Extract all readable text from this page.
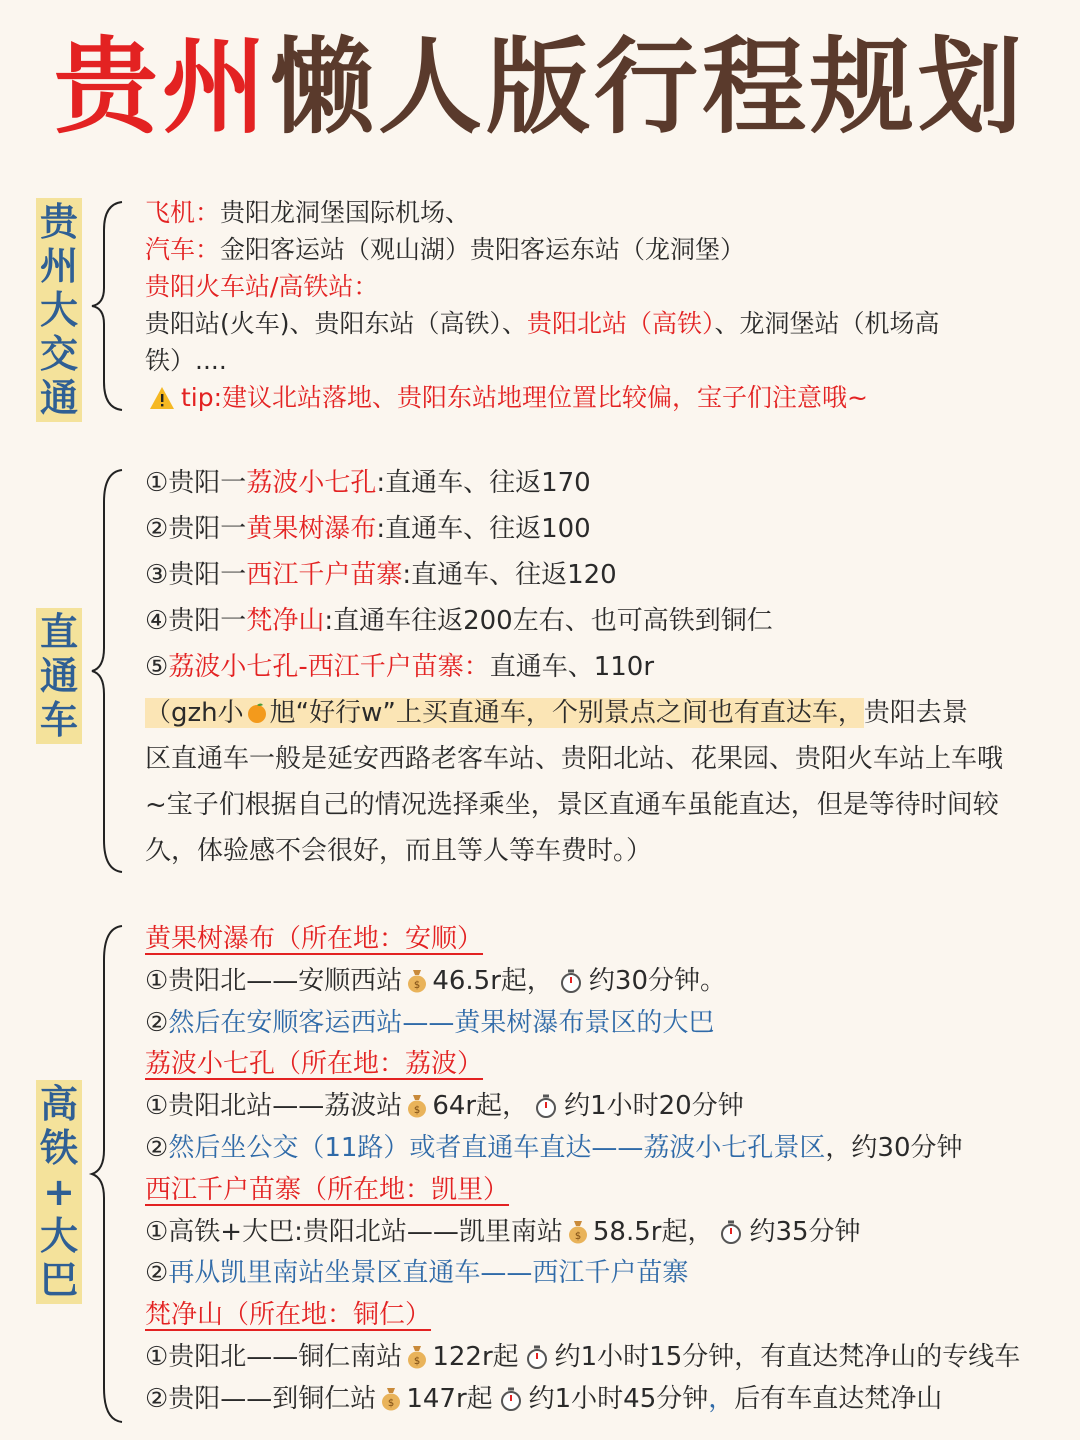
贵州懒人版行程规划
贵
州
大
交
通
飞机：贵阳龙洞堡国际机场、
汽车：金阳客运站（观山湖）贵阳客运东站（龙洞堡）
贵阳火车站/高铁站：
贵阳站(火车)、贵阳东站（高铁）、贵阳北站（高铁）、龙洞堡站（机场高
铁）....
tip:建议北站落地、贵阳东站地理位置比较偏，宝子们注意哦~
直
通
车
①贵阳一荔波小七孔:直通车、往返170
②贵阳一黄果树瀑布:直通车、往返100
③贵阳一西江千户苗寨:直通车、往返120
④贵阳一梵净山:直通车往返200左右、也可高铁到铜仁
⑤荔波小七孔-西江千户苗寨：直通车、110r
（gzh小 旭“好行w”上买直通车，个别景点之间也有直达车，贵阳去景
区直通车一般是延安西路老客车站、贵阳北站、花果园、贵阳火车站上车哦
~宝子们根据自己的情况选择乘坐，景区直通车虽能直达，但是等待时间较
久，体验感不会很好，而且等人等车费时。）
高
铁
+
大
巴
黄果树瀑布（所在地：安顺）
①贵阳北——安顺西站 46.5r起， 约30分钟。
②然后在安顺客运西站——黄果树瀑布景区的大巴
荔波小七孔（所在地：荔波）
①贵阳北站——荔波站 64r起， 约1小时20分钟
②然后坐公交（11路）或者直通车直达——荔波小七孔景区，约30分钟
西江千户苗寨（所在地：凯里）
①高铁+大巴:贵阳北站——凯里南站 58.5r起， 约35分钟
②再从凯里南站坐景区直通车——西江千户苗寨
梵净山（所在地：铜仁）
①贵阳北——铜仁南站 122r起 约1小时15分钟，有直达梵净山的专线车
②贵阳——到铜仁站 147r起 约1小时45分钟，后有车直达梵净山
